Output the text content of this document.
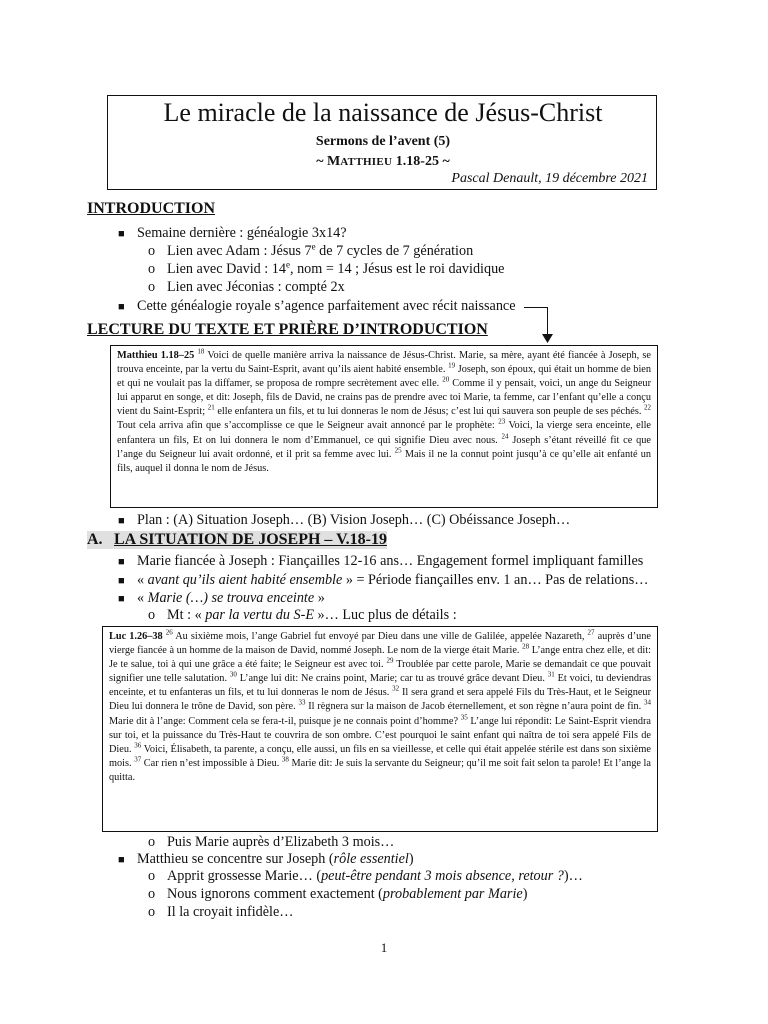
Le miracle de la naissance de Jésus-Christ
Sermons de l’avent (5)
~ MATTHIEU 1.18-25 ~
Pascal Denault, 19 décembre 2021
INTRODUCTION
■ Semaine dernière : généalogie 3x14?
o Lien avec Adam : Jésus 7e de 7 cycles de 7 génération
o Lien avec David : 14e, nom = 14 ; Jésus est le roi davidique
o Lien avec Jéconias : compté 2x
■ Cette généalogie royale s’agence parfaitement avec récit naissance
LECTURE DU TEXTE ET PRIÈRE D’INTRODUCTION

Matthieu 1.18–25 $^{18}$ Voici de quelle manière arriva la naissance de Jésus-Christ. Marie, sa mère, ayant été fiancée à Joseph, se trouva enceinte, par la vertu du Saint-Esprit, avant qu’ils aient habité ensemble. $^{19}$ Joseph, son époux, qui était un homme de bien et qui ne voulait pas la diffamer, se proposa de rompre secrètement avec elle. $^{20}$ Comme il y pensait, voici, un ange du Seigneur lui apparut en songe, et dit: Joseph, fils de David, ne crains pas de prendre avec toi Marie, ta femme, car l’enfant qu’elle a conçu vient du Saint-Esprit; $^{21}$ elle enfantera un fils, et tu lui donneras le nom de Jésus; c’est lui qui sauvera son peuple de ses péchés. $^{22}$ Tout cela arriva afin que s’accomplisse ce que le Seigneur avait annoncé par le prophète: $^{23}$ Voici, la vierge sera enceinte, elle enfantera un fils, Et on lui donnera le nom d’Emmanuel, ce qui signifie Dieu avec nous. $^{24}$ Joseph s’étant réveillé fit ce que l’ange du Seigneur lui avait ordonné, et il prit sa femme avec lui. $^{25}$ Mais il ne la connut point jusqu’à ce qu’elle ait enfanté un fils, auquel il donna le nom de Jésus.

■ Plan : (A) Situation Joseph… (B) Vision Joseph… (C) Obéissance Joseph…
A. LA SITUATION DE JOSEPH – V.18-19
■ Marie fiancée à Joseph : Fiançailles 12-16 ans… Engagement formel impliquant familles
■ « avant qu’ils aient habité ensemble » = Période fiançailles env. 1 an… Pas de relations…
■ « Marie (…) se trouva enceinte »
o Mt : « par la vertu du S-E »… Luc plus de détails :

Luc 1.26–38 $^{26}$ Au sixième mois, l’ange Gabriel fut envoyé par Dieu dans une ville de Galilée, appelée Nazareth, $^{27}$ auprès d’une vierge fiancée à un homme de la maison de David, nommé Joseph. Le nom de la vierge était Marie. $^{28}$ L’ange entra chez elle, et dit: Je te salue, toi à qui une grâce a été faite; le Seigneur est avec toi. $^{29}$ Troublée par cette parole, Marie se demandait ce que pouvait signifier une telle salutation. $^{30}$ L’ange lui dit: Ne crains point, Marie; car tu as trouvé grâce devant Dieu. $^{31}$ Et voici, tu deviendras enceinte, et tu enfanteras un fils, et tu lui donneras le nom de Jésus. $^{32}$ Il sera grand et sera appelé Fils du Très-Haut, et le Seigneur Dieu lui donnera le trône de David, son père. $^{33}$ Il règnera sur la maison de Jacob éternellement, et son règne n’aura point de fin. $^{34}$ Marie dit à l’ange: Comment cela se fera-t-il, puisque je ne connais point d’homme? $^{35}$ L’ange lui répondit: Le Saint-Esprit viendra sur toi, et la puissance du Très-Haut te couvrira de son ombre. C’est pourquoi le saint enfant qui naîtra de toi sera appelé Fils de Dieu. $^{36}$ Voici, Élisabeth, ta parente, a conçu, elle aussi, un fils en sa vieillesse, et celle qui était appelée stérile est dans son sixième mois. $^{37}$ Car rien n’est impossible à Dieu. $^{38}$ Marie dit: Je suis la servante du Seigneur; qu’il me soit fait selon ta parole! Et l’ange la quitta.

o Puis Marie auprès d’Elizabeth 3 mois…
■ Matthieu se concentre sur Joseph (rôle essentiel)
o Apprit grossesse Marie… (peut-être pendant 3 mois absence, retour ?)…
o Nous ignorons comment exactement (probablement par Marie)
o Il la croyait infidèle…
1
